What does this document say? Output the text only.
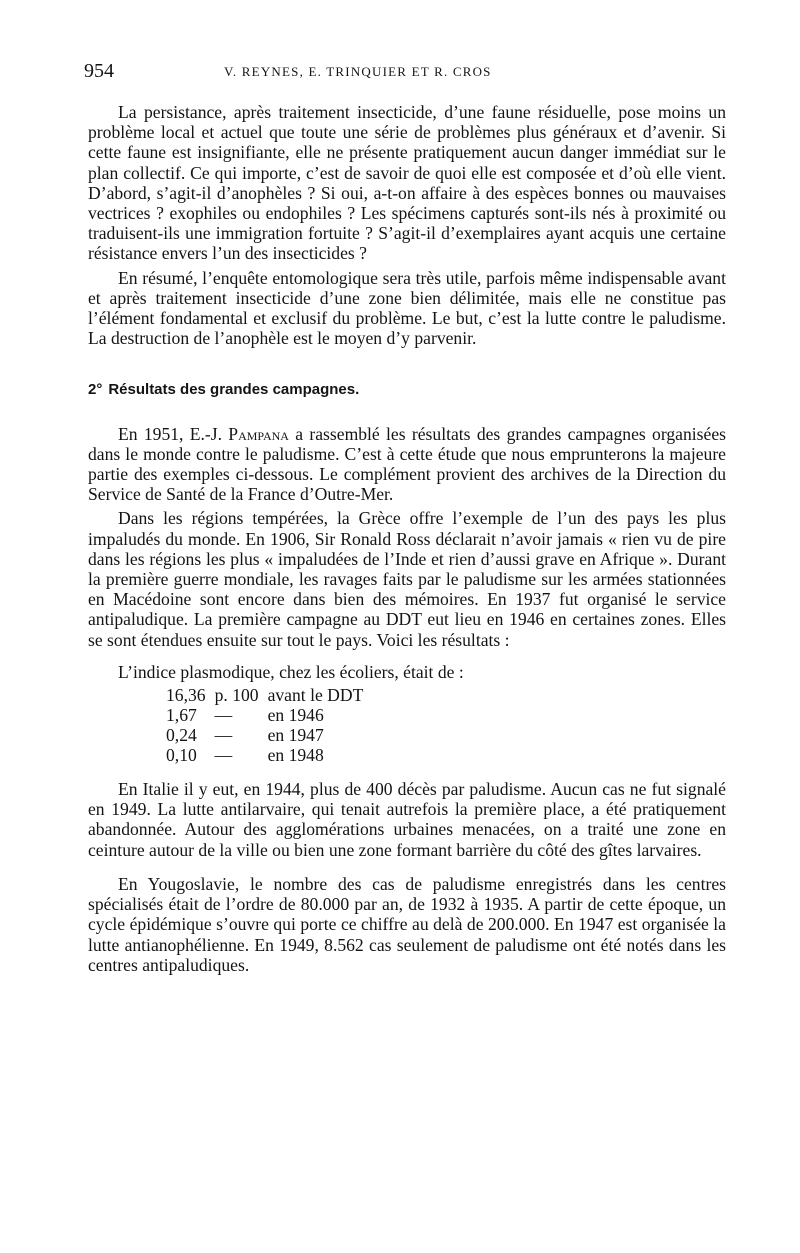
954	V. REYNES, E. TRINQUIER ET R. CROS

La persistance, après traitement insecticide, d’une faune résiduelle, pose moins un problème local et actuel que toute une série de problèmes plus généraux et d’avenir. Si cette faune est insignifiante, elle ne présente pratiquement aucun danger immédiat sur le plan collectif. Ce qui importe, c’est de savoir de quoi elle est composée et d’où elle vient. D’abord, s’agit-il d’anophèles ? Si oui, a-t-on affaire à des espèces bonnes ou mauvaises vectrices ? exophiles ou endophiles ? Les spécimens capturés sont-ils nés à proximité ou traduisent-ils une immigration fortuite ? S’agit-il d’exemplaires ayant acquis une certaine résistance envers l’un des insecticides ?

En résumé, l’enquête entomologique sera très utile, parfois même indispensable avant et après traitement insecticide d’une zone bien délimitée, mais elle ne constitue pas l’élément fondamental et exclusif du problème. Le but, c’est la lutte contre le paludisme. La destruction de l’anophèle est le moyen d’y parvenir.

2° Résultats des grandes campagnes.

En 1951, E.-J. Pampana a rassemblé les résultats des grandes campagnes organisées dans le monde contre le paludisme. C’est à cette étude que nous emprunterons la majeure partie des exemples ci-dessous. Le complément provient des archives de la Direction du Service de Santé de la France d’Outre-Mer.

Dans les régions tempérées, la Grèce offre l’exemple de l’un des pays les plus impaludés du monde. En 1906, Sir Ronald Ross déclarait n’avoir jamais « rien vu de pire dans les régions les plus « impaludées de l’Inde et rien d’aussi grave en Afrique ». Durant la première guerre mondiale, les ravages faits par le paludisme sur les armées stationnées en Macédoine sont encore dans bien des mémoires. En 1937 fut organisé le service antipaludique. La première campagne au DDT eut lieu en 1946 en certaines zones. Elles se sont étendues ensuite sur tout le pays. Voici les résultats :

L’indice plasmodique, chez les écoliers, était de :

16,36	p. 100	avant le DDT
1,67	—	en 1946
0,24	—	en 1947
0,10	—	en 1948

En Italie il y eut, en 1944, plus de 400 décès par paludisme. Aucun cas ne fut signalé en 1949. La lutte antilarvaire, qui tenait autrefois la première place, a été pratiquement abandonnée. Autour des agglomérations urbaines menacées, on a traité une zone en ceinture autour de la ville ou bien une zone formant barrière du côté des gîtes larvaires.

En Yougoslavie, le nombre des cas de paludisme enregistrés dans les centres spécialisés était de l’ordre de 80.000 par an, de 1932 à 1935. A partir de cette époque, un cycle épidémique s’ouvre qui porte ce chiffre au delà de 200.000. En 1947 est organisée la lutte antianophélienne. En 1949, 8.562 cas seulement de paludisme ont été notés dans les centres antipaludiques.
